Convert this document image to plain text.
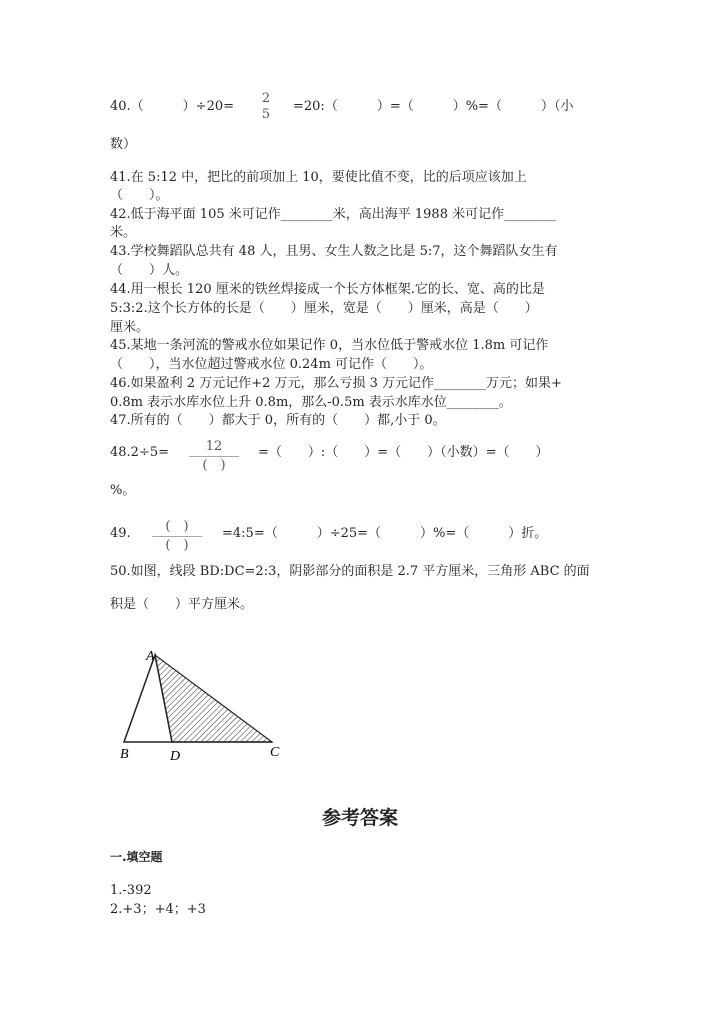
40.（　　　）÷20=
2
5
=20:（　　　）=（　　　）%=（　　　）（小
数）
41.在 5:12 中，把比的前项加上 10，要使比值不变，比的后项应该加上
（　　）。
42.低于海平面 105 米可记作________米，高出海平 1988 米可记作________
米。
43.学校舞蹈队总共有 48 人，且男、女生人数之比是 5:7，这个舞蹈队女生有
（　　）人。
44.用一根长 120 厘米的铁丝焊接成一个长方体框架.它的长、宽、高的比是
5:3:2.这个长方体的长是（　　）厘米，宽是（　　）厘米，高是（　　）
厘米。
45.某地一条河流的警戒水位如果记作 0，当水位低于警戒水位 1.8m 可记作
（　　），当水位超过警戒水位 0.24m 可记作（　　）。
46.如果盈利 2 万元记作+2 万元，那么亏损 3 万元记作________万元；如果+
0.8m 表示水库水位上升 0.8m，那么-0.5m 表示水库水位________。
47.所有的（　　）都大于 0，所有的（　　）都,小于 0。
48.2÷5=	12
(　)
=（　　）:（　　）=（　　）（小数）=（　　）
%。
49.	(　)
(　)
=4:5=（　　　）÷25=（　　　）%=（　　　）折。
50.如图，线段 BD:DC=2:3，阴影部分的面积是 2.7 平方厘米，三角形 ABC 的面
积是（　　）平方厘米。
A
B	D	C
参考答案
一.填空题
1.-392
2.+3；+4；+3
